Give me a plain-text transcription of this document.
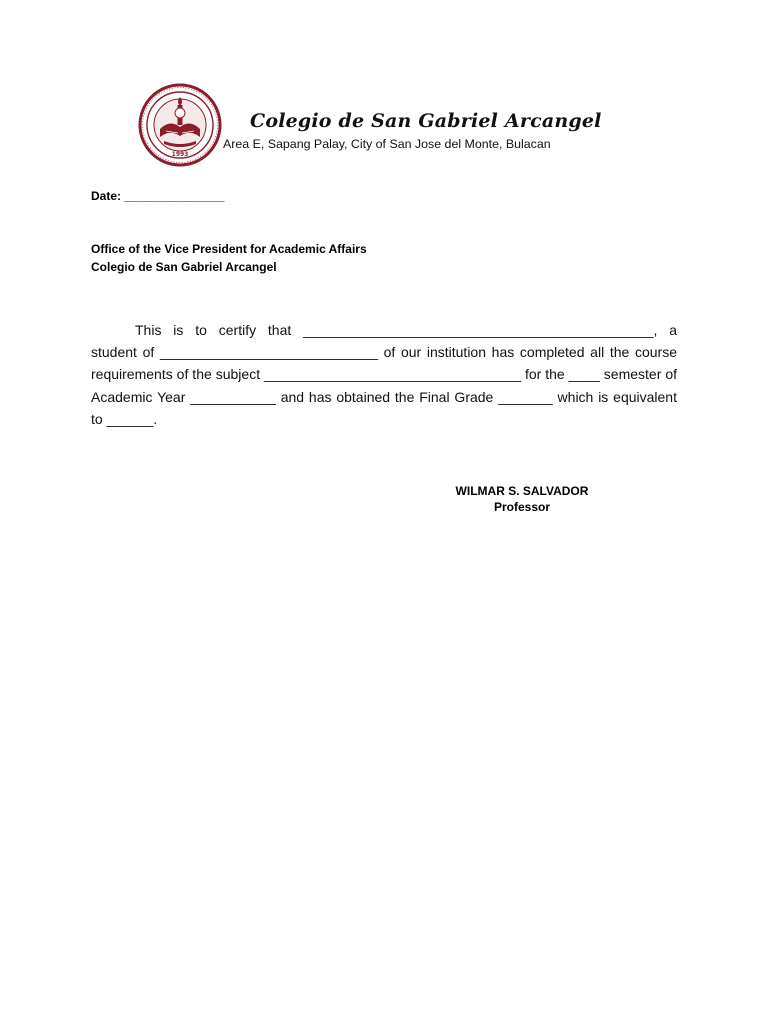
1993
Colegio de San Gabriel Arcangel
Area E, Sapang Palay, City of San Jose del Monte, Bulacan
Date: _______________
Office of the Vice President for Academic Affairs
Colegio de San Gabriel Arcangel
This is to certify that _____________________________________________, a student of ____________________________ of our institution has completed all the course requirements of the subject _________________________________ for the ____ semester of Academic Year ___________ and has obtained the Final Grade _______ which is equivalent to ______.
WILMAR S. SALVADOR
Professor
